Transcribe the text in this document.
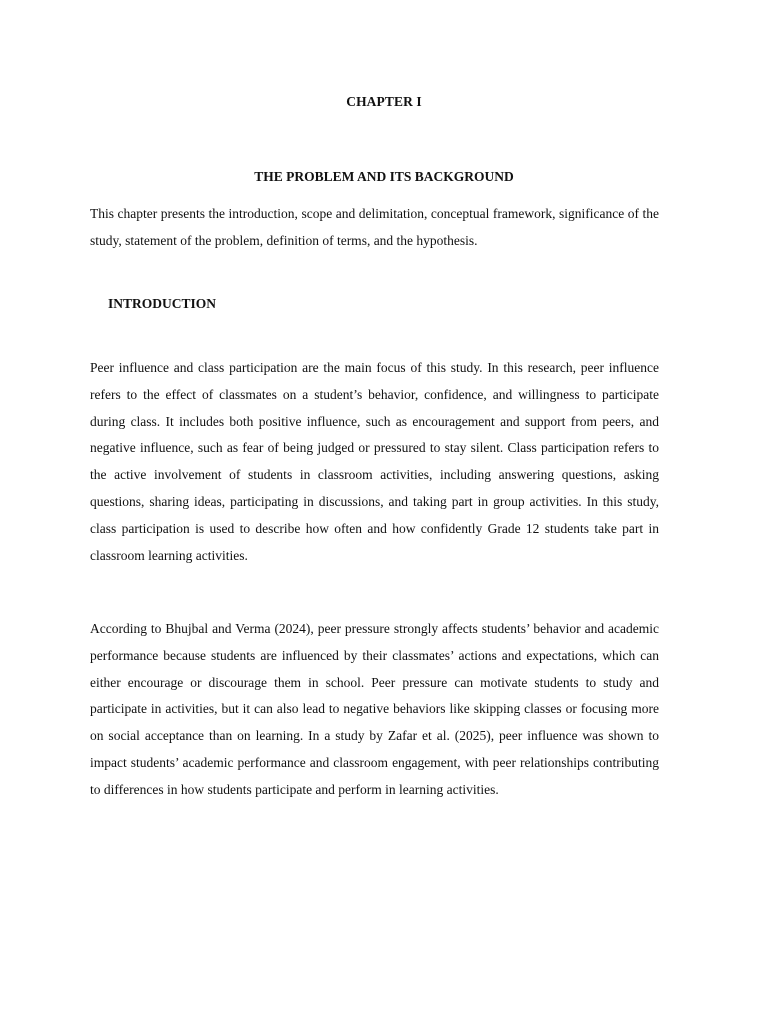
CHAPTER I
THE PROBLEM AND ITS BACKGROUND

This chapter presents the introduction, scope and delimitation, conceptual framework, significance of the study, statement of the problem, definition of terms, and the hypothesis.

INTRODUCTION

Peer influence and class participation are the main focus of this study. In this research, peer influence refers to the effect of classmates on a student’s behavior, confidence, and willingness to participate during class. It includes both positive influence, such as encouragement and support from peers, and negative influence, such as fear of being judged or pressured to stay silent. Class participation refers to the active involvement of students in classroom activities, including answering questions, asking questions, sharing ideas, participating in discussions, and taking part in group activities. In this study, class participation is used to describe how often and how confidently Grade 12 students take part in classroom learning activities.

According to Bhujbal and Verma (2024), peer pressure strongly affects students’ behavior and academic performance because students are influenced by their classmates’ actions and expectations, which can either encourage or discourage them in school. Peer pressure can motivate students to study and participate in activities, but it can also lead to negative behaviors like skipping classes or focusing more on social acceptance than on learning. In a study by Zafar et al. (2025), peer influence was shown to impact students’ academic performance and classroom engagement, with peer relationships contributing to differences in how students participate and perform in learning activities.
